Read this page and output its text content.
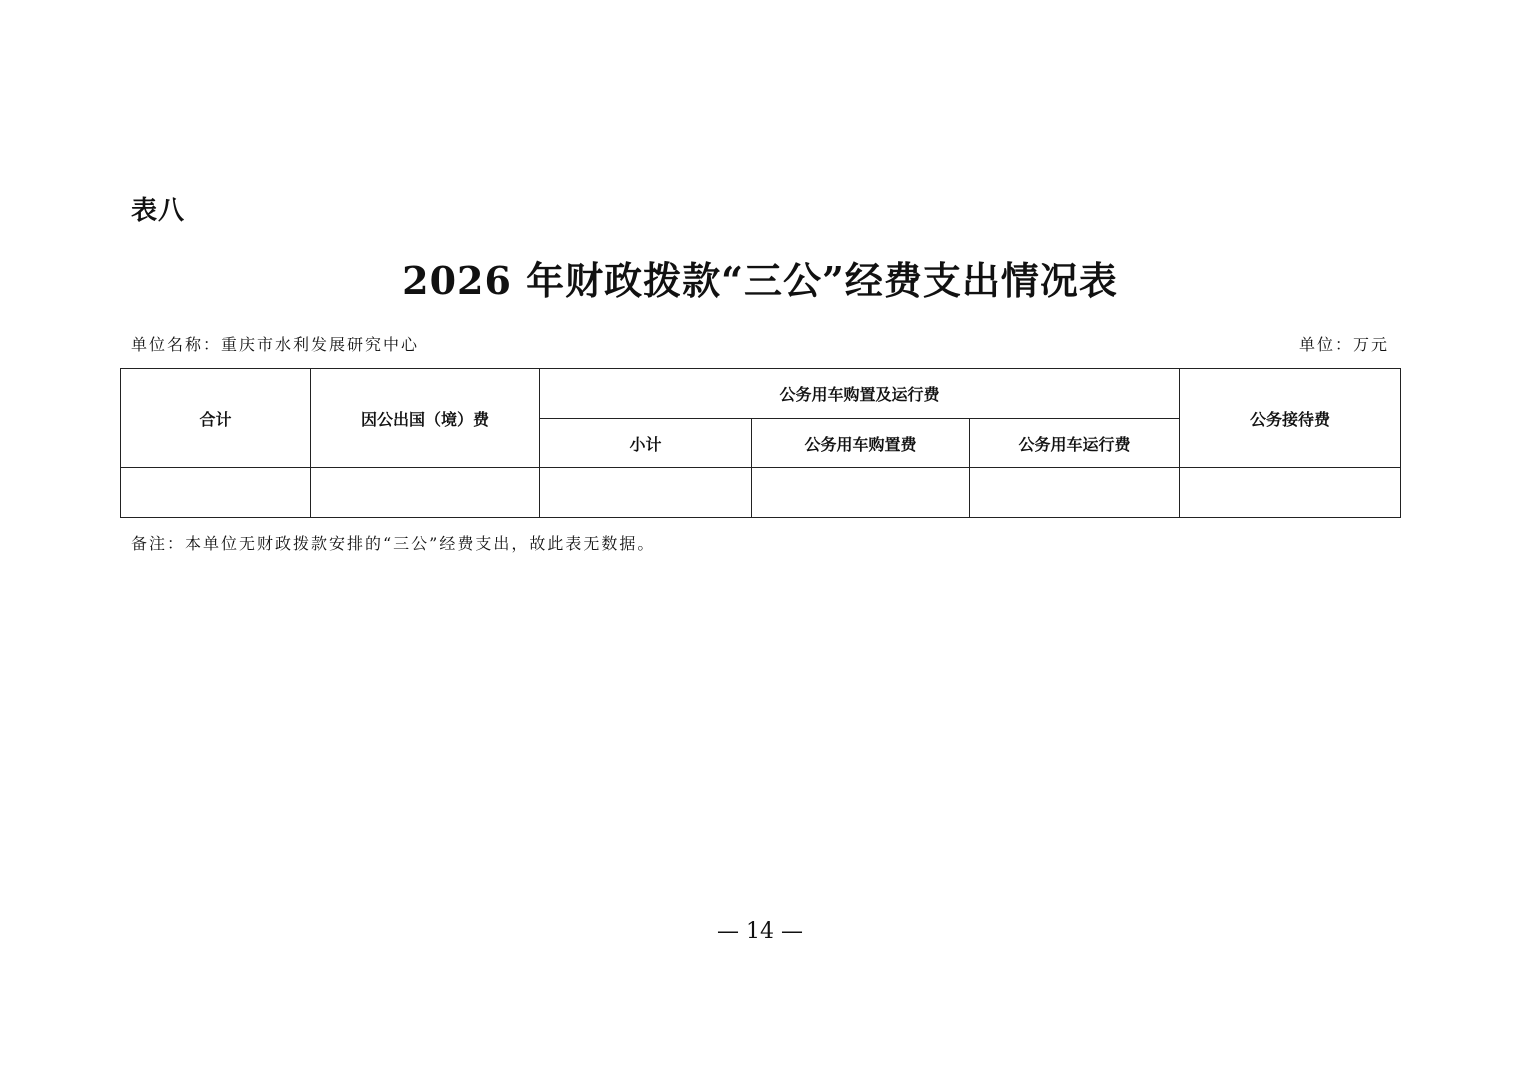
表八
2026 年财政拨款“三公”经费支出情况表
单位名称：重庆市水利发展研究中心	单位：万元
合计	因公出国（境）费	公务用车购置及运行费			公务接待费
		小计	公务用车购置费	公务用车运行费	

备注：本单位无财政拨款安排的“三公”经费支出，故此表无数据。
— 14 —
